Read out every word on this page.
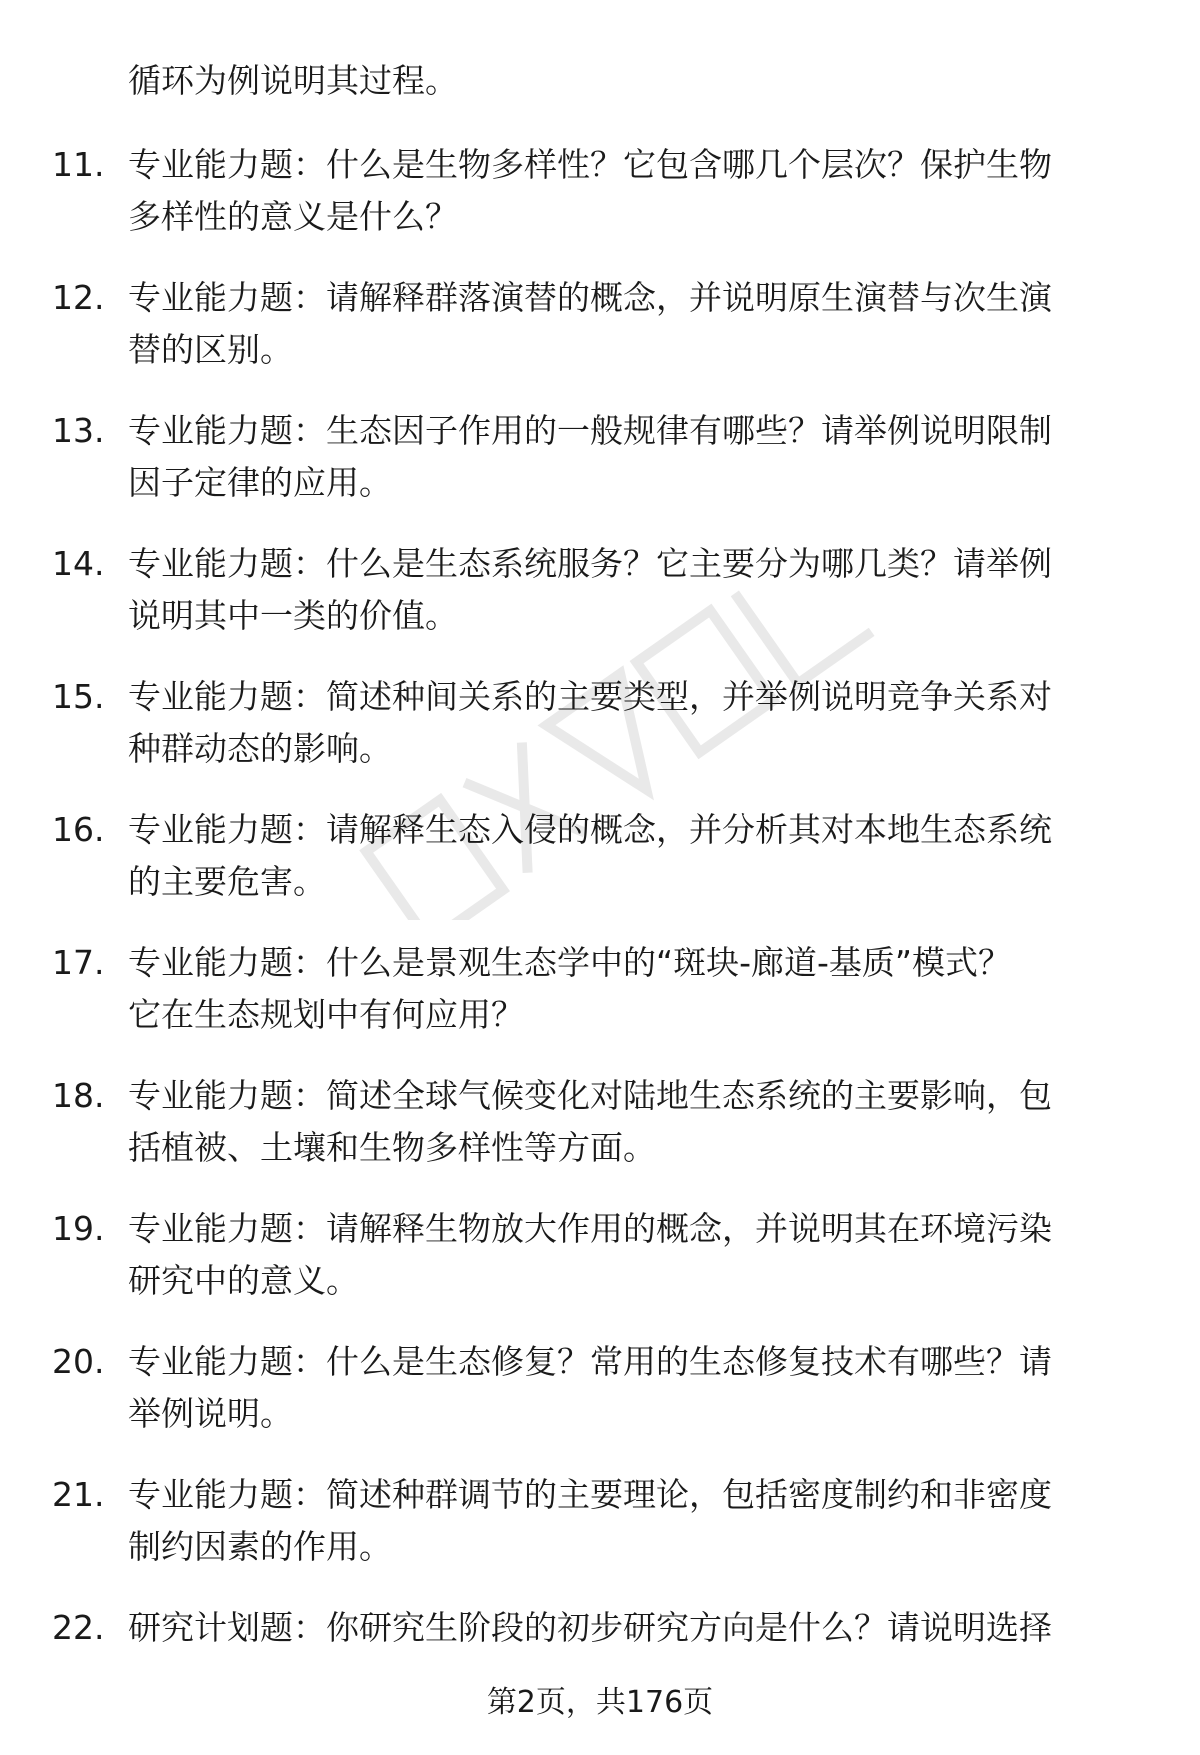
循环为例说明其过程。
11. 专业能力题：什么是生物多样性？它包含哪几个层次？保护生物
多样性的意义是什么？
12. 专业能力题：请解释群落演替的概念，并说明原生演替与次生演
替的区别。
13. 专业能力题：生态因子作用的一般规律有哪些？请举例说明限制
因子定律的应用。
14. 专业能力题：什么是生态系统服务？它主要分为哪几类？请举例
说明其中一类的价值。
15. 专业能力题：简述种间关系的主要类型，并举例说明竞争关系对
种群动态的影响。
16. 专业能力题：请解释生态入侵的概念，并分析其对本地生态系统
的主要危害。
17. 专业能力题：什么是景观生态学中的“斑块-廊道-基质”模式？
它在生态规划中有何应用？
18. 专业能力题：简述全球气候变化对陆地生态系统的主要影响，包
括植被、土壤和生物多样性等方面。
19. 专业能力题：请解释生物放大作用的概念，并说明其在环境污染
研究中的意义。
20. 专业能力题：什么是生态修复？常用的生态修复技术有哪些？请
举例说明。
21. 专业能力题：简述种群调节的主要理论，包括密度制约和非密度
制约因素的作用。
22. 研究计划题：你研究生阶段的初步研究方向是什么？请说明选择
第2页，共176页
